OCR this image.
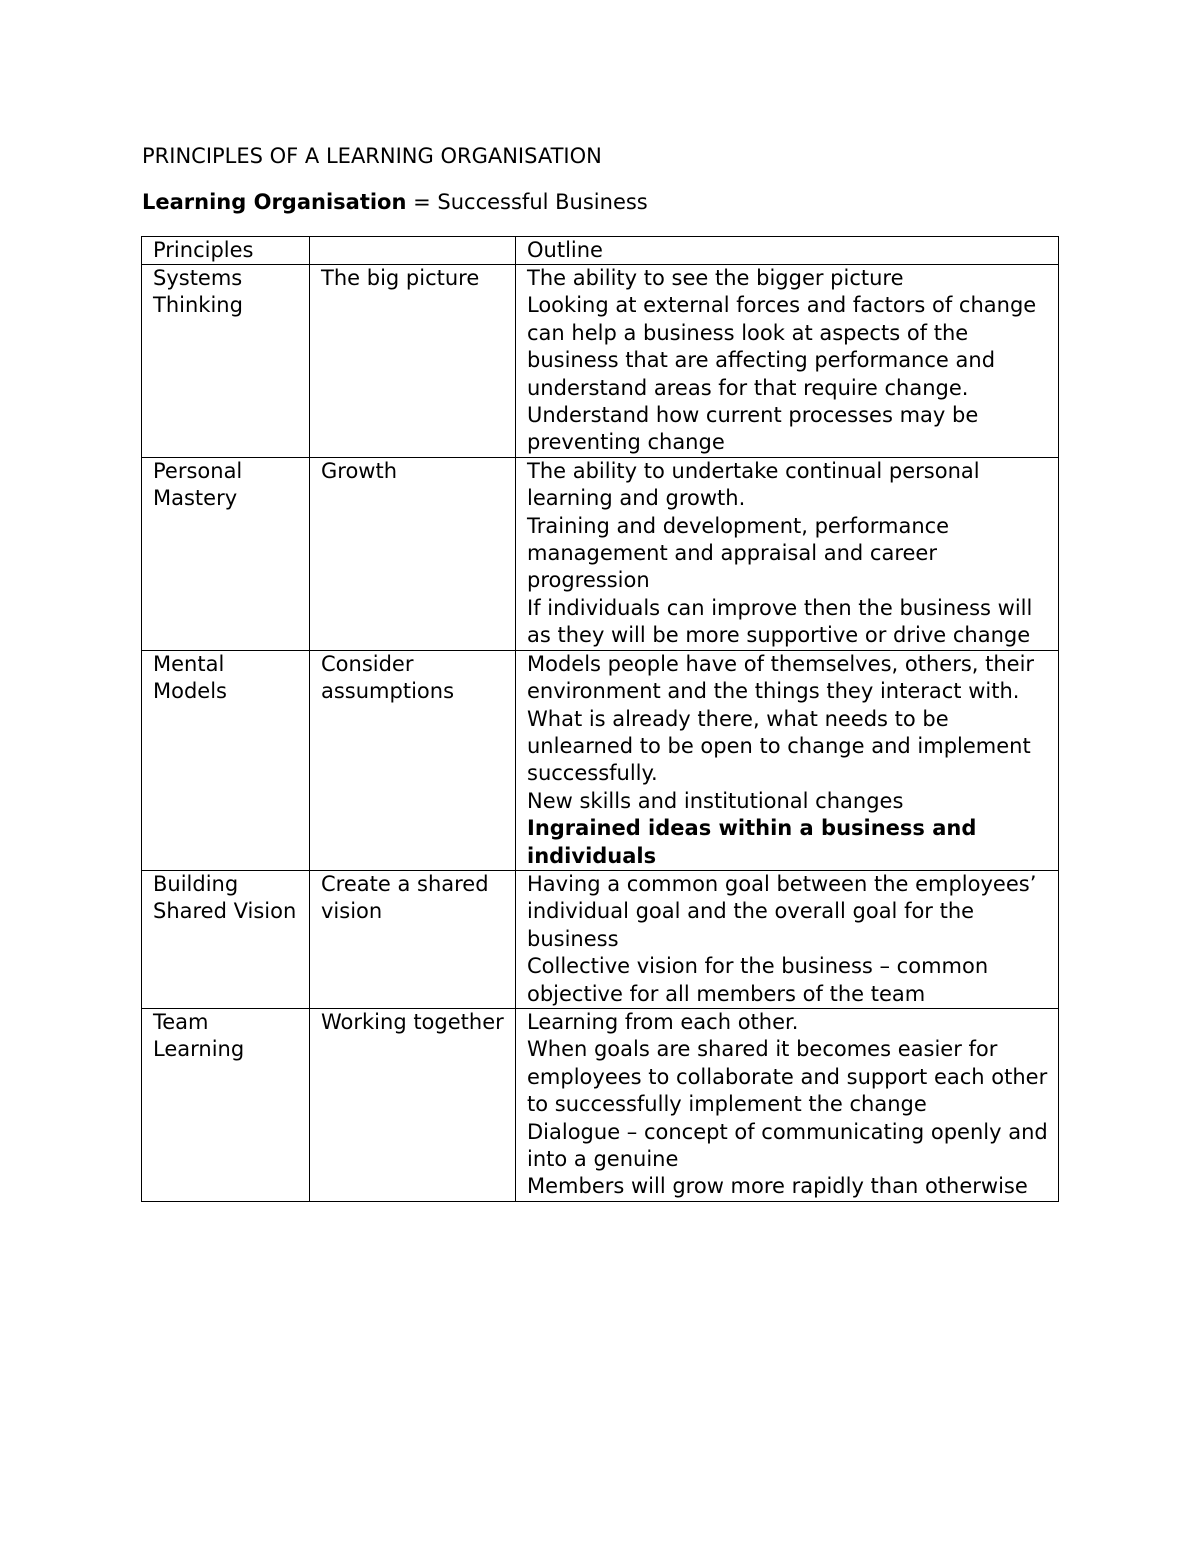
PRINCIPLES OF A LEARNING ORGANISATION
Learning Organisation = Successful Business
Principles		Outline
Systems Thinking	The big picture	The ability to see the bigger picture
Looking at external forces and factors of change can help a business look at aspects of the business that are affecting performance and understand areas for that require change.
Understand how current processes may be preventing change

Personal Mastery	Growth	The ability to undertake continual personal learning and growth.
Training and development, performance management and appraisal and career progression
If individuals can improve then the business will as they will be more supportive or drive change

Mental Models	Consider assumptions	Models people have of themselves, others, their environment and the things they interact with.
What is already there, what needs to be unlearned to be open to change and implement successfully.
New skills and institutional changes
Ingrained ideas within a business and individuals

Building Shared Vision	Create a shared vision	Having a common goal between the employees’ individual goal and the overall goal for the business
Collective vision for the business – common objective for all members of the team

Team Learning	Working together	Learning from each other.
When goals are shared it becomes easier for employees to collaborate and support each other to successfully implement the change
Dialogue – concept of communicating openly and into a genuine
Members will grow more rapidly than otherwise
